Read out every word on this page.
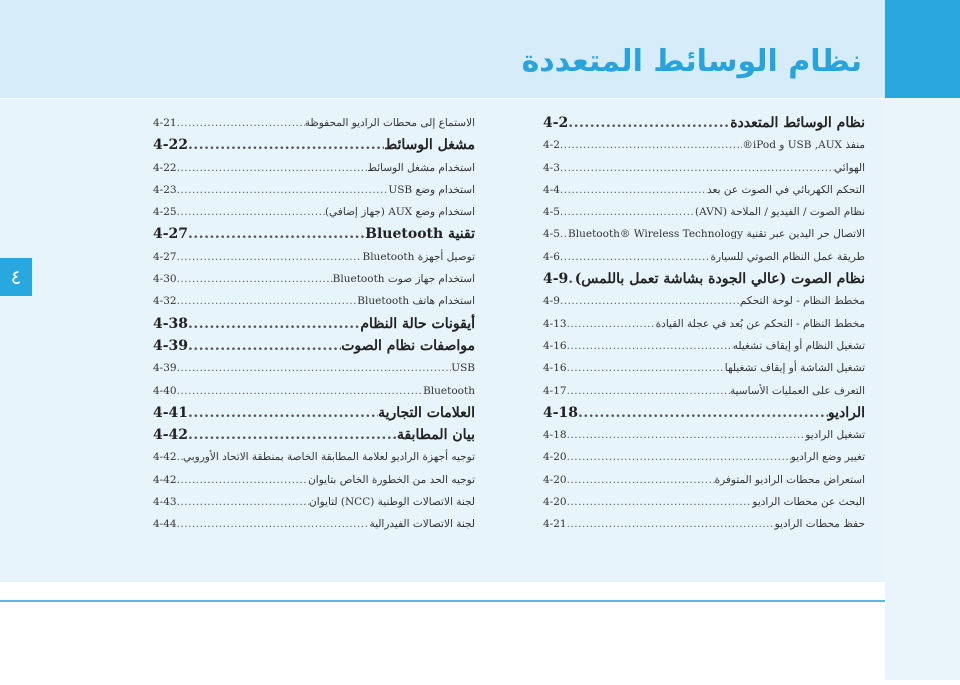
نظام الوسائط المتعددة
٤
نظام الوسائط المتعددة
.....
4-2
منفذ USB ,AUX و iPod®
.....
4-2
الهوائي
.....
4-3
التحكم الكهربائي في الصوت عن بعد
.....
4-4
نظام الصوت / الفيديو / الملاحة (AVN)
.....
4-5
الاتصال حر اليدين عبر تقنية Bluetooth® Wireless Technology
.....
4-5
طريقة عمل النظام الصوتي للسيارة
.....
4-6
نظام الصوت (عالي الجودة بشاشة تعمل باللمس)
.....
4-9
مخطط النظام - لوحة التحكم
.....
4-9
مخطط النظام - التحكم عن بُعد في عجلة القيادة
.....
4-13
تشغيل النظام أو إيقاف تشغيله
.....
4-16
تشغيل الشاشة أو إيقاف تشغيلها
.....
4-16
التعرف على العمليات الأساسية
.....
4-17
الراديو
.....
4-18
تشغيل الراديو
.....
4-18
تغيير وضع الراديو
.....
4-20
استعراض محطات الراديو المتوفرة
.....
4-20
البحث عن محطات الراديو
.....
4-20
حفظ محطات الراديو
.....
4-21
الاستماع إلى محطات الراديو المحفوظة
.....
4-21
مشغل الوسائط
.....
4-22
استخدام مشغل الوسائط
.....
4-22
استخدام وضع USB
.....
4-23
استخدام وضع AUX (جهاز إضافي)
.....
4-25
تقنية Bluetooth
.....
4-27
توصيل أجهزة Bluetooth
.....
4-27
استخدام جهاز صوت Bluetooth
.....
4-30
استخدام هاتف Bluetooth
.....
4-32
أيقونات حالة النظام
.....
4-38
مواصفات نظام الصوت
.....
4-39
USB
.....
4-39
Bluetooth
.....
4-40
العلامات التجارية
.....
4-41
بيان المطابقة
.....
4-42
توجيه أجهزة الراديو لعلامة المطابقة الخاصة بمنطقة الاتحاد الأوروبي
.....
4-42
توجيه الحد من الخطورة الخاص بتايوان
.....
4-42
لجنة الاتصالات الوطنية (NCC) لتايوان
.....
4-43
لجنة الاتصالات الفيدرالية
.....
4-44
